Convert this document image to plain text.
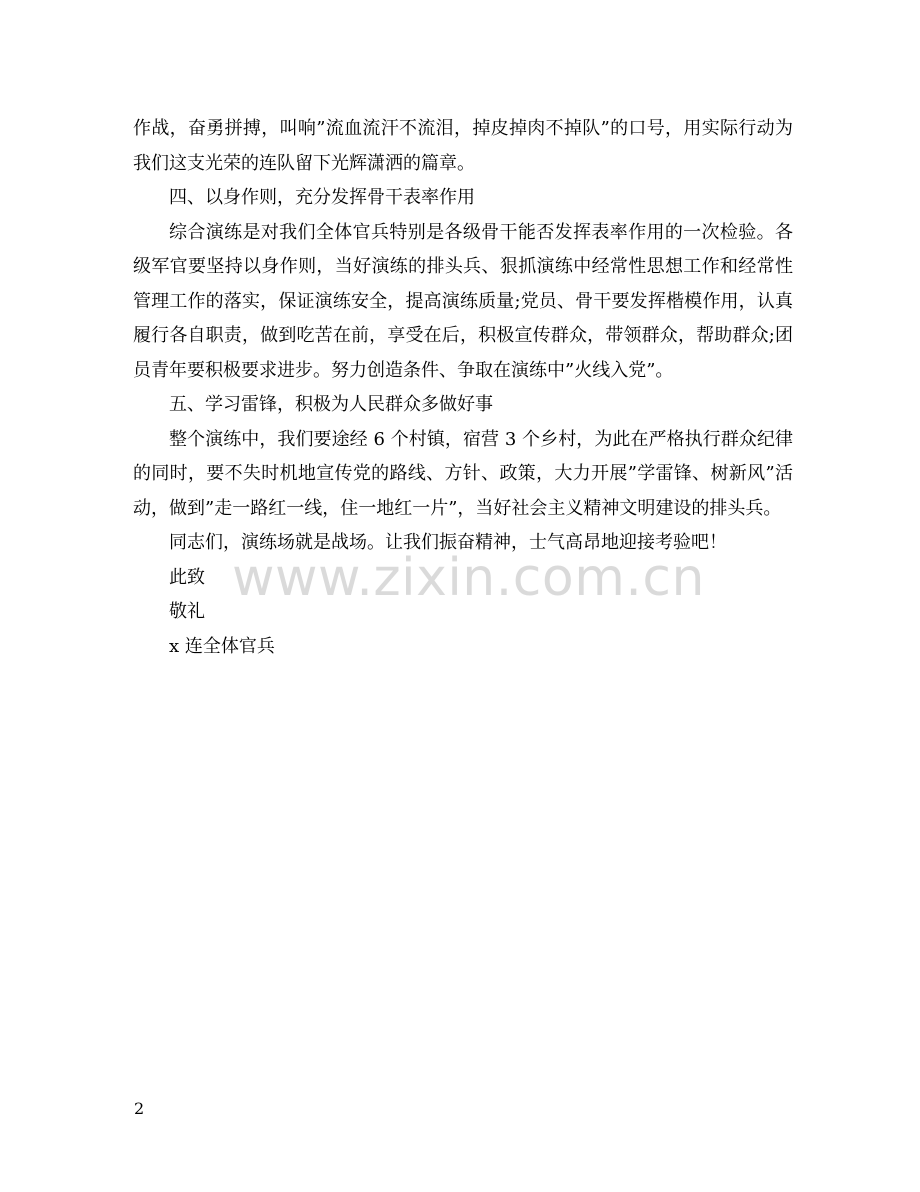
作战，奋勇拼搏，叫响”流血流汗不流泪，掉皮掉肉不掉队”的口号，用实际行动为我们这支光荣的连队留下光辉潇洒的篇章。

四、以身作则，充分发挥骨干表率作用

综合演练是对我们全体官兵特别是各级骨干能否发挥表率作用的一次检验。各级军官要坚持以身作则，当好演练的排头兵、狠抓演练中经常性思想工作和经常性管理工作的落实，保证演练安全，提高演练质量;党员、骨干要发挥楷模作用，认真履行各自职责，做到吃苦在前，享受在后，积极宣传群众，带领群众，帮助群众;团员青年要积极要求进步。努力创造条件、争取在演练中”火线入党”。

五、学习雷锋，积极为人民群众多做好事

整个演练中，我们要途经 6 个村镇，宿营 3 个乡村，为此在严格执行群众纪律的同时，要不失时机地宣传党的路线、方针、政策，大力开展”学雷锋、树新风”活动，做到”走一路红一线，住一地红一片”，当好社会主义精神文明建设的排头兵。

同志们，演练场就是战场。让我们振奋精神，士气高昂地迎接考验吧！

此致

敬礼

x 连全体官兵

www.zixin.com.cn
2
